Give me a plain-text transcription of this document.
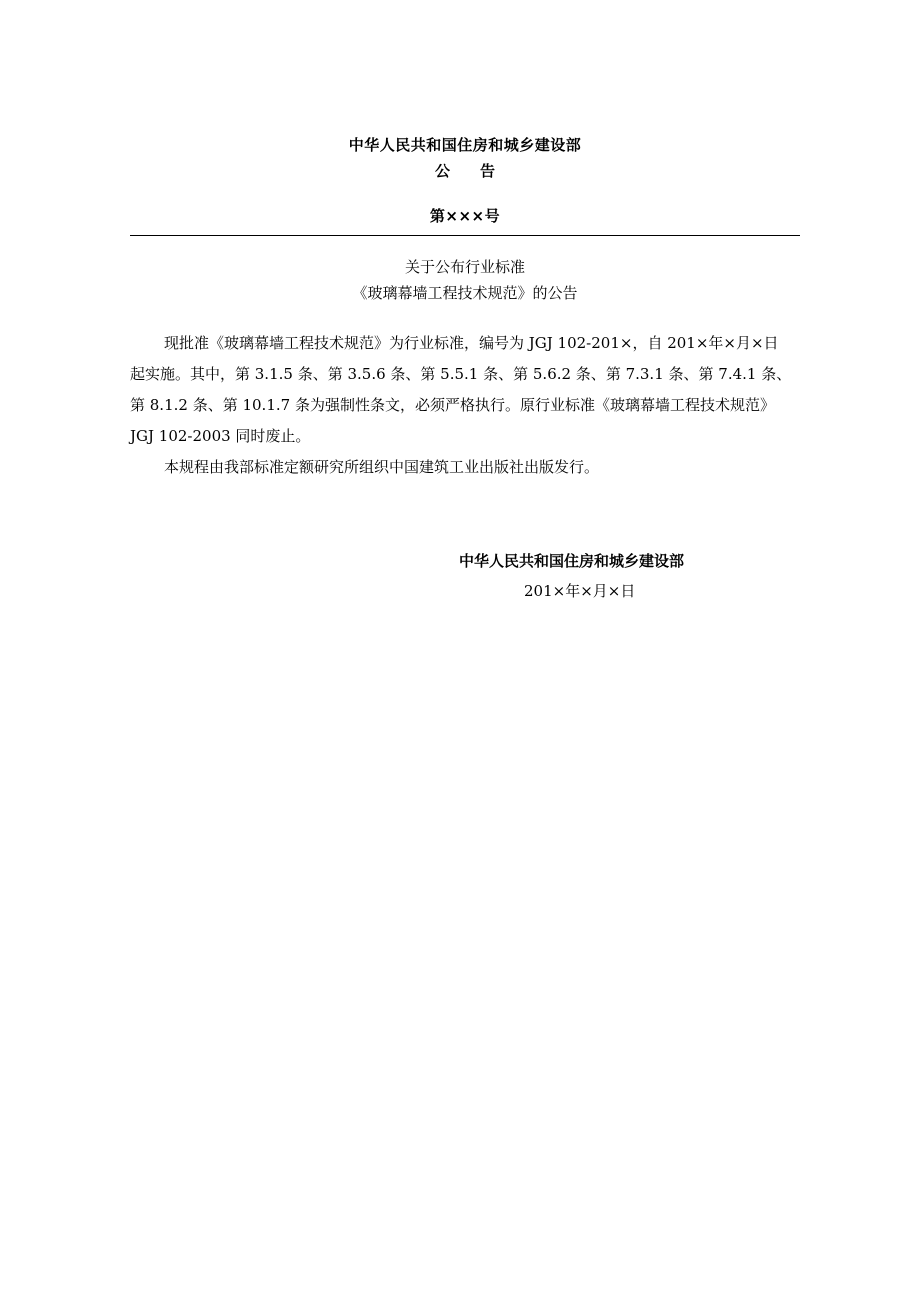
中华人民共和国住房和城乡建设部
公 告
第×××号
关于公布行业标准
《玻璃幕墙工程技术规范》的公告
现批准《玻璃幕墙工程技术规范》为行业标准，编号为 JGJ 102-201×，自 201×年×月×日
起实施。其中，第 3.1.5 条、第 3.5.6 条、第 5.5.1 条、第 5.6.2 条、第 7.3.1 条、第 7.4.1 条、
第 8.1.2 条、第 10.1.7 条为强制性条文，必须严格执行。原行业标准《玻璃幕墙工程技术规范》
JGJ 102-2003 同时废止。
本规程由我部标准定额研究所组织中国建筑工业出版社出版发行。
中华人民共和国住房和城乡建设部
201×年×月×日
